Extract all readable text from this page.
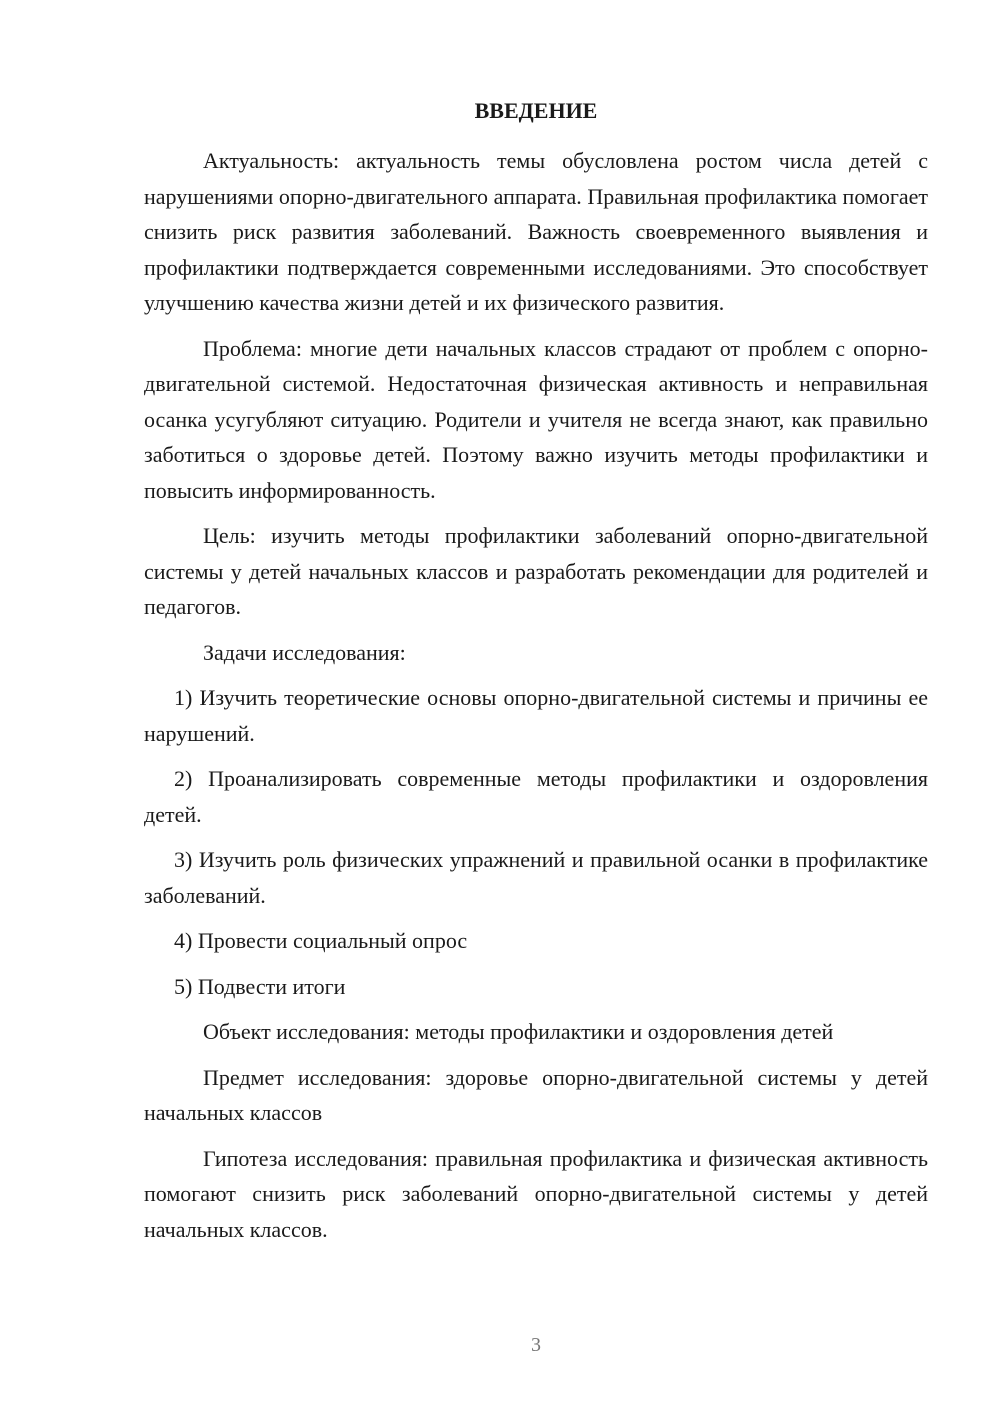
ВВЕДЕНИЕ

Актуальность: актуальность темы обусловлена ростом числа детей с нарушениями опорно-двигательного аппарата. Правильная профилактика помогает снизить риск развития заболеваний. Важность своевременного выявления и профилактики подтверждается современными исследованиями. Это способствует улучшению качества жизни детей и их физического развития.

Проблема: многие дети начальных классов страдают от проблем с опорно-двигательной системой. Недостаточная физическая активность и неправильная осанка усугубляют ситуацию. Родители и учителя не всегда знают, как правильно заботиться о здоровье детей. Поэтому важно изучить методы профилактики и повысить информированность.

Цель: изучить методы профилактики заболеваний опорно-двигательной системы у детей начальных классов и разработать рекомендации для родителей и педагогов.

Задачи исследования:

1) Изучить теоретические основы опорно-двигательной системы и причины ее нарушений.

2) Проанализировать современные методы профилактики и оздоровления детей.

3) Изучить роль физических упражнений и правильной осанки в профилактике заболеваний.

4) Провести социальный опрос

5) Подвести итоги

Объект исследования: методы профилактики и оздоровления детей

Предмет исследования: здоровье опорно-двигательной системы у детей начальных классов

Гипотеза исследования: правильная профилактика и физическая активность помогают снизить риск заболеваний опорно-двигательной системы у детей начальных классов.

3
